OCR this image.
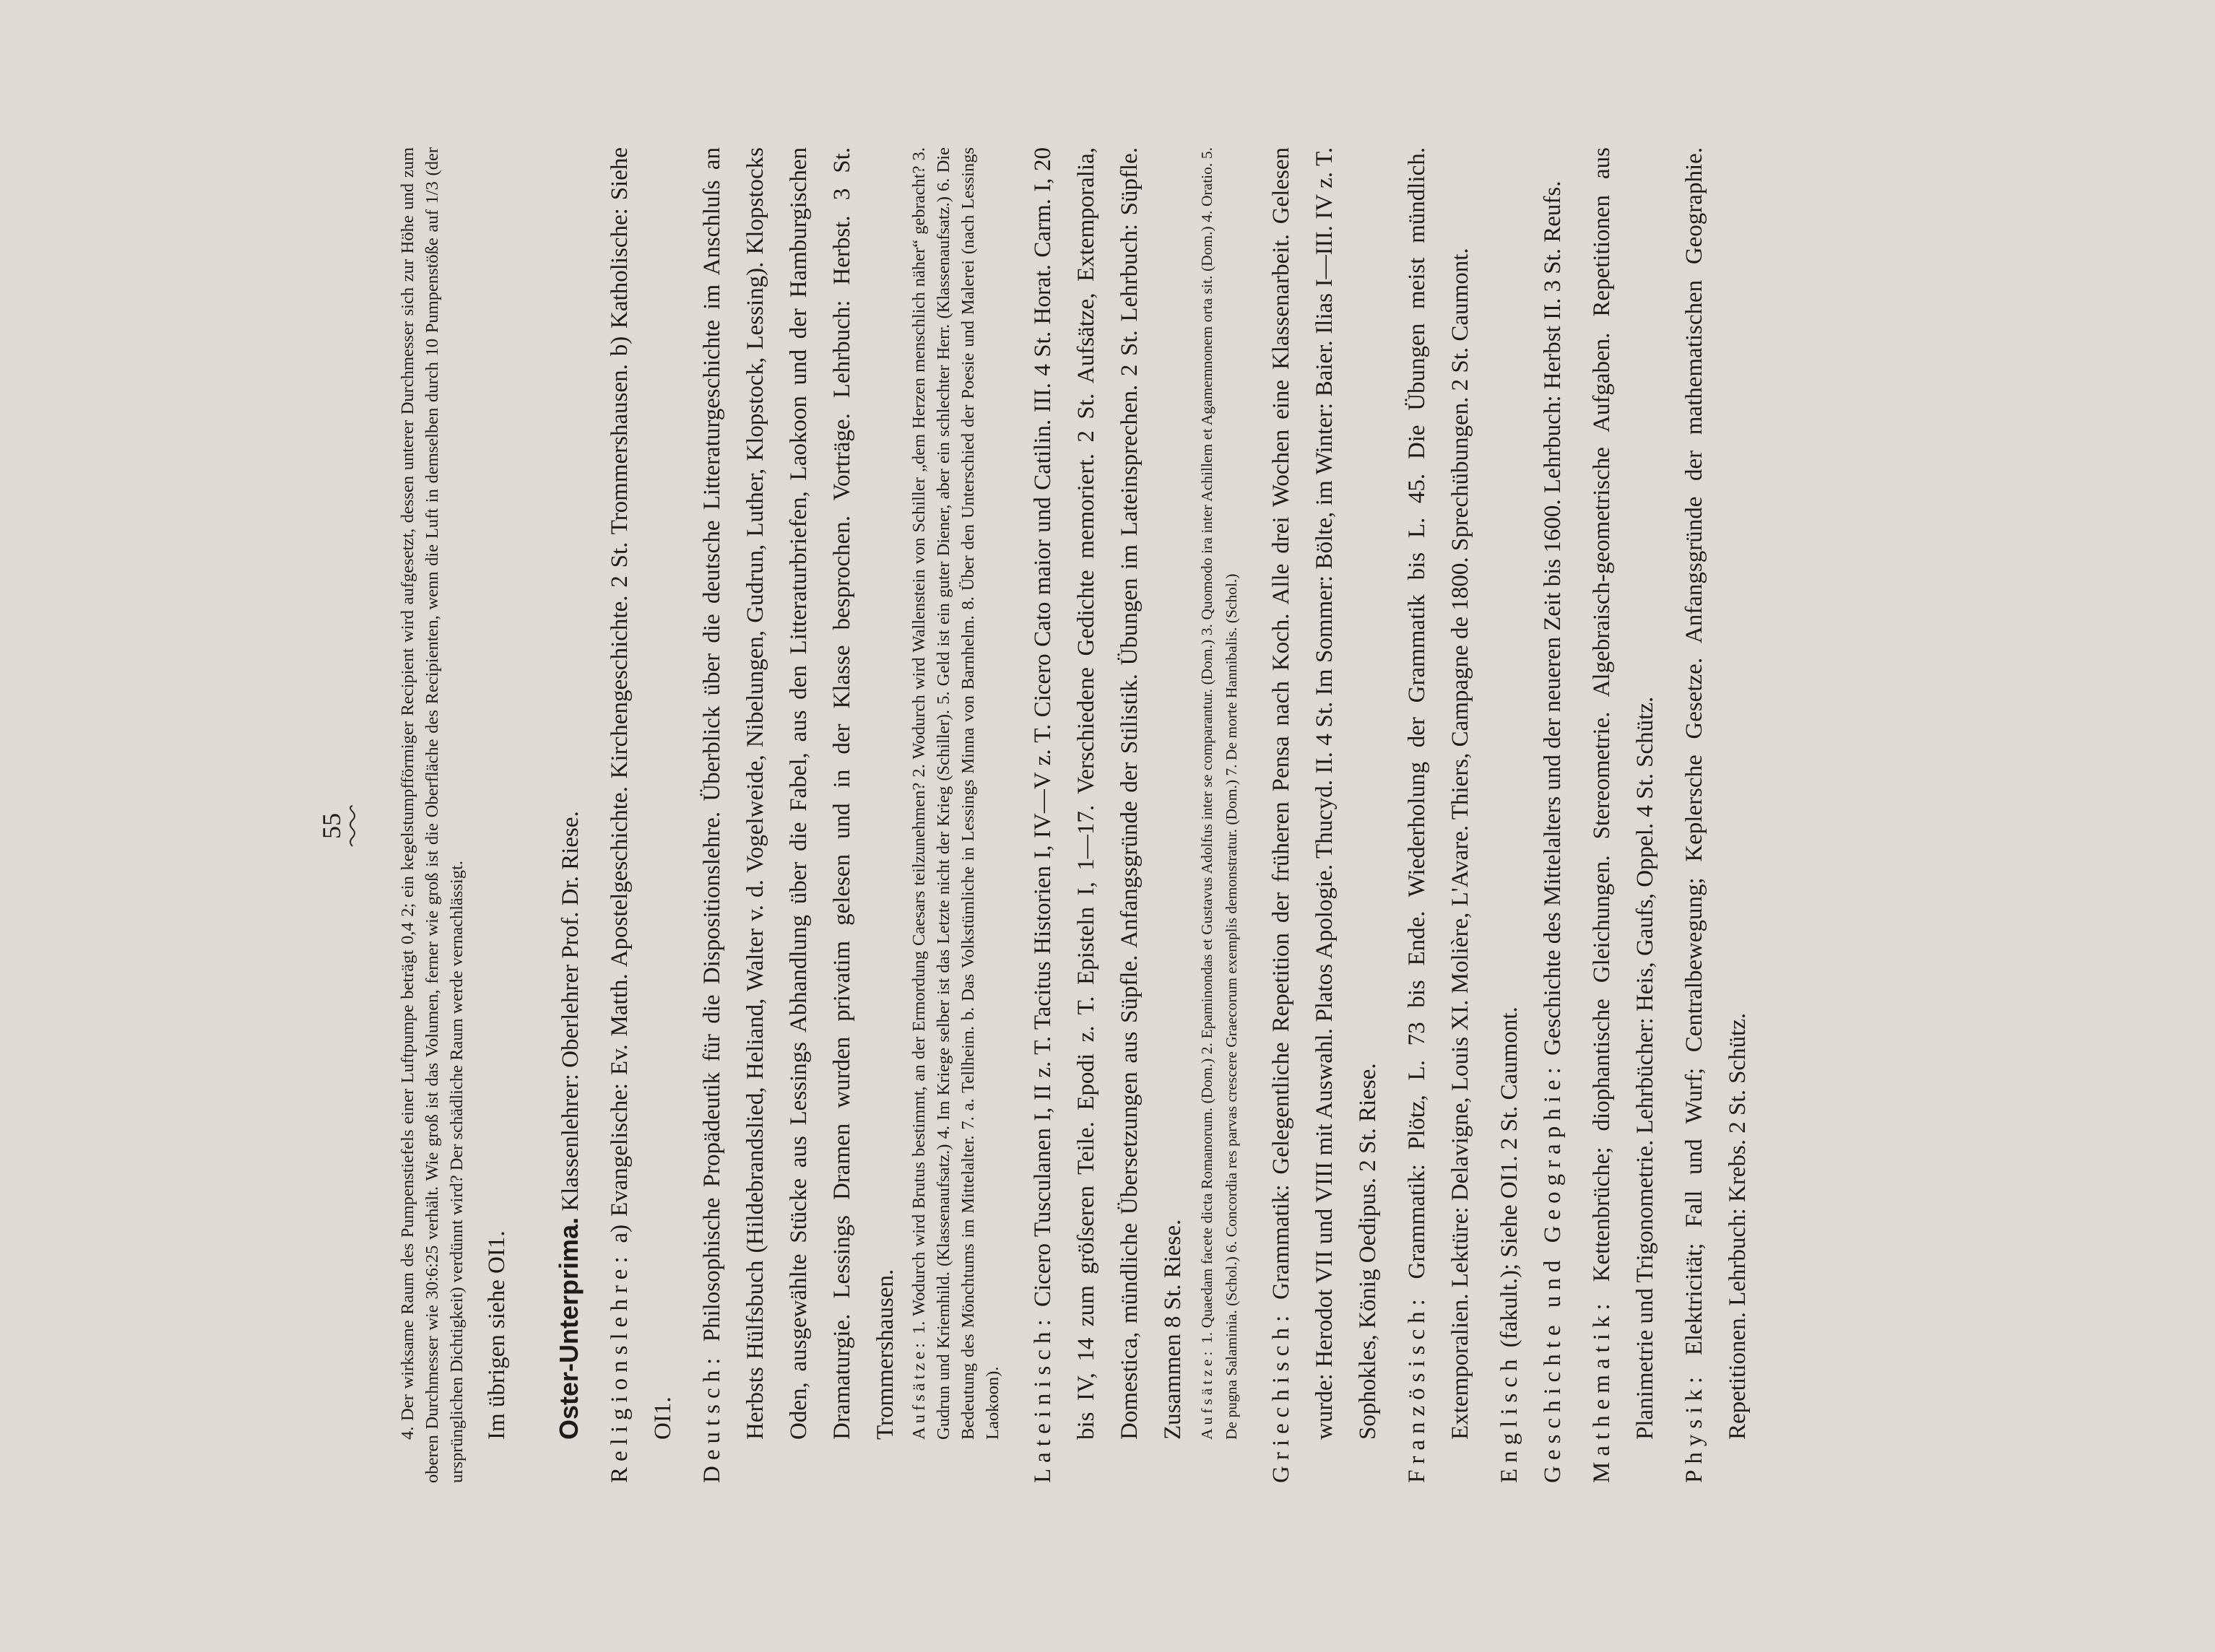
55	4. Der wirksame Raum des Pumpenstiefels einer Luftpumpe beträgt 0,4 2; ein kegelstumpfförmiger Recipient wird aufgesetzt, dessen unterer Durchmesser sich zur Höhe und zum oberen Durchmesser wie 30:6:25 verhält. Wie groß ist das Volumen, ferner wie groß ist die Oberfläche des Recipienten, wenn die Luft in demselben durch 10 Pumpenstöße auf 1/3 (der ursprünglichen Dichtigkeit) verdünnt wird? Der schädliche Raum werde vernachlässigt. Im übrigen siehe OI1.	Oster-Unterprima. Klassenlehrer: Oberlehrer Prof. Dr. Riese.

Religionslehre: a) Evangelische: Ev. Matth. Apostelgeschichte. Kirchengeschichte. 2 St. Trommershausen. b) Katholische: Siehe OI1. Deutsch: Philosophische Propädeutik für die Dispositionslehre. Überblick über die deutsche Litteraturgeschichte im Anschluſs an Herbsts Hülfsbuch (Hildebrandslied, Heliand, Walter v. d. Vogelweide, Nibelungen, Gudrun, Luther, Klopstock, Lessing). Klopstocks Oden, ausgewählte Stücke aus Lessings Abhandlung über die Fabel, aus den Litteraturbriefen, Laokoon und der Hamburgischen Dramaturgie. Lessings Dramen wurden privatim gelesen und in der Klasse besprochen. Vorträge. Lehrbuch: Herbst. 3 St. Trommershausen. Aufsätze: 1. Wodurch wird Brutus bestimmt, an der Ermordung Caesars teilzunehmen? 2. Wodurch wird Wallenstein von Schiller „dem Herzen menschlich näher“ gebracht? 3. Gudrun und Kriemhild. (Klassenaufsatz.) 4. Im Kriege selber ist das Letzte nicht der Krieg (Schiller). 5. Geld ist ein guter Diener, aber ein schlechter Herr. (Klassenaufsatz.) 6. Die Bedeutung des Mönchtums im Mittelalter. 7. a. Tellheim. b. Das Volkstümliche in Lessings Minna von Barnhelm. 8. Über den Unterschied der Poesie und Malerei (nach Lessings Laokoon).	Lateinisch: Cicero Tusculanen I, II z. T. Tacitus Historien I, IV—V z. T. Cicero Cato maior und Catilin. III. 4 St. Horat. Carm. I, 20 bis IV, 14 zum gröſseren Teile. Epodi z. T. Episteln I, 1—17. Verschiedene Gedichte memoriert. 2 St. Aufsätze, Extemporalia, Domestica, mündliche Übersetzungen aus Süpfle. Anfangsgründe der Stilistik. Übungen im Lateinsprechen. 2 St. Lehrbuch: Süpfle. Zusammen 8 St. Riese. Aufsätze: 1. Quaedam facete dicta Romanorum. (Dom.) 2. Epaminondas et Gustavus Adolfus inter se comparantur. (Dom.) 3. Quomodo ira inter Achillem et Agamemnonem orta sit. (Dom.) 4. Oratio. 5. De pugna Salaminia. (Schol.) 6. Concordia res parvas crescere Graecorum exemplis demonstratur. (Dom.) 7. De morte Hannibalis. (Schol.)	Griechisch: Grammatik: Gelegentliche Repetition der früheren Pensa nach Koch. Alle drei Wochen eine Klassenarbeit. Gelesen wurde: Herodot VII und VIII mit Auswahl. Platos Apologie. Thucyd. II. 4 St. Im Sommer: Bölte, im Winter: Baier. Ilias I—III. IV z. T. Sophokles, König Oedipus. 2 St. Riese. Französisch: Grammatik: Plötz, L. 73 bis Ende. Wiederholung der Grammatik bis L. 45. Die Übungen meist mündlich. Extemporalien. Lektüre: Delavigne, Louis XI. Molière, L'Avare. Thiers, Campagne de 1800. Sprechübungen. 2 St. Caumont. Englisch (fakult.); Siehe OI1. 2 St. Caumont. Geschichte und Geographie: Geschichte des Mittelalters und der neueren Zeit bis 1600. Lehrbuch: Herbst II. 3 St. Reufs.

Mathematik: Kettenbrüche; diophantische Gleichungen. Stereometrie. Algebraisch-geometrische Aufgaben. Repetitionen aus Planimetrie und Trigonometrie. Lehrbücher: Heis, Gaufs, Oppel. 4 St. Schütz. Physik: Elektricität; Fall und Wurf; Centralbewegung; Keplersche Gesetze. Anfangsgründe der mathematischen Geographie. Repetitionen. Lehrbuch: Krebs. 2 St. Schütz.
